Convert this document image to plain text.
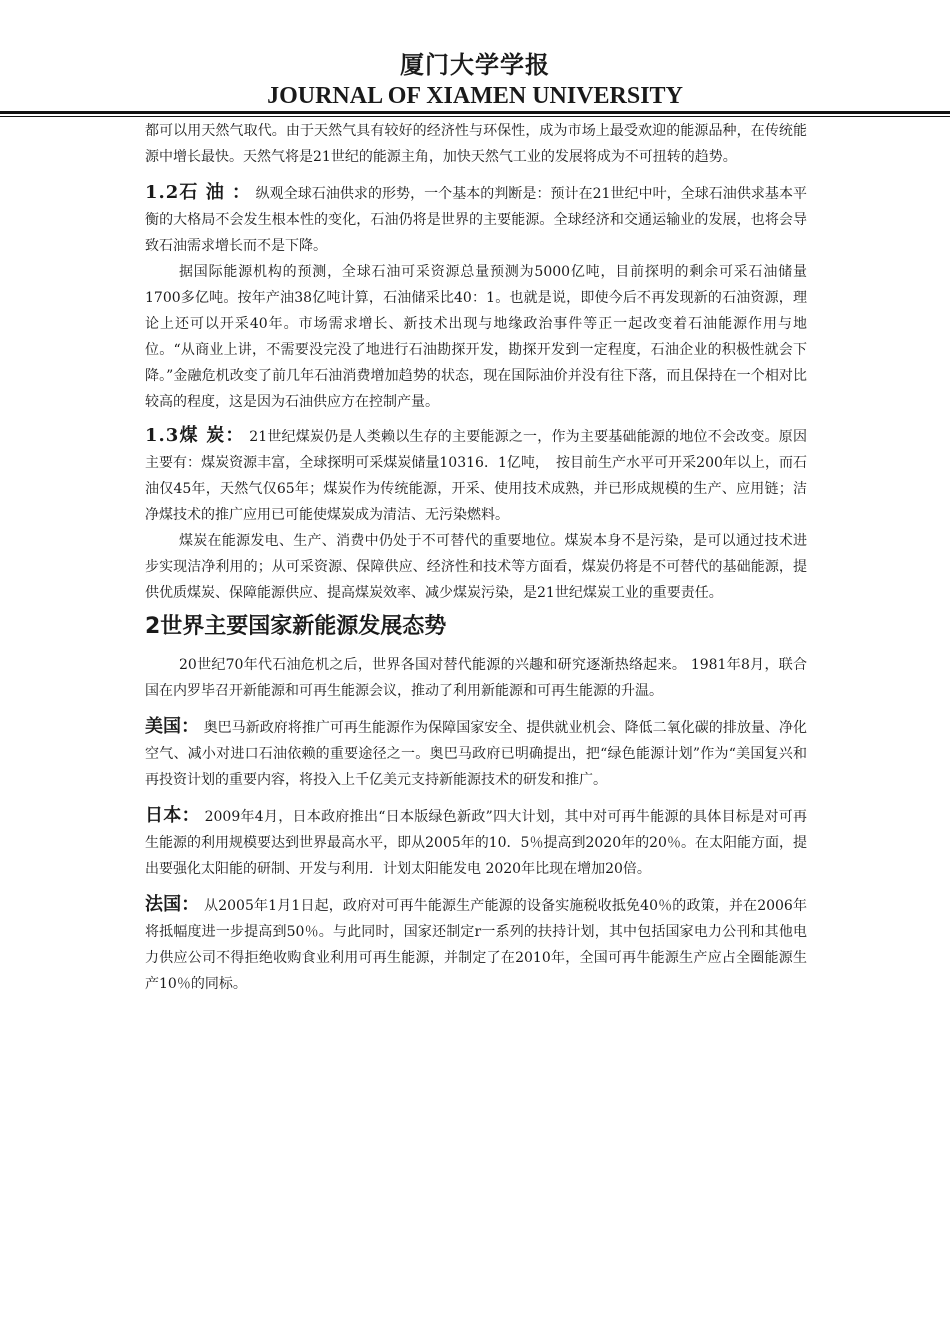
厦门大学学报
JOURNAL OF XIAMEN UNIVERSITY

都可以用天然气取代。由于天然气具有较好的经济性与环保性，成为市场上最受欢迎的能源品种，在传统能源中增长最快。天然气将是21世纪的能源主角，加快天然气工业的发展将成为不可扭转的趋势。

1.2石 油 ： 纵观全球石油供求的形势，一个基本的判断是：预计在21世纪中叶，全球石油供求基本平衡的大格局不会发生根本性的变化，石油仍将是世界的主要能源。全球经济和交通运输业的发展，也将会导致石油需求增长而不是下降。

据国际能源机构的预测，全球石油可采资源总量预测为5000亿吨，目前探明的剩余可采石油储量1700多亿吨。按年产油38亿吨计算，石油储采比40：1。也就是说，即使今后不再发现新的石油资源，理论上还可以开采40年。市场需求增长、新技术出现与地缘政治事件等正一起改变着石油能源作用与地位。“从商业上讲，不需要没完没了地进行石油勘探开发，勘探开发到一定程度，石油企业的积极性就会下降。”金融危机改变了前几年石油消费增加趋势的状态，现在国际油价并没有往下落，而且保持在一个相对比较高的程度，这是因为石油供应方在控制产量。

1.3煤 炭： 21世纪煤炭仍是人类赖以生存的主要能源之一，作为主要基础能源的地位不会改变。原因主要有：煤炭资源丰富，全球探明可采煤炭储量10316．1亿吨，　按目前生产水平可开采200年以上，而石油仅45年，天然气仅65年；煤炭作为传统能源，开采、使用技术成熟，并已形成规模的生产、应用链；洁净煤技术的推广应用已可能使煤炭成为清洁、无污染燃料。

煤炭在能源发电、生产、消费中仍处于不可替代的重要地位。煤炭本身不是污染，是可以通过技术进步实现洁净利用的；从可采资源、保障供应、经济性和技术等方面看，煤炭仍将是不可替代的基础能源，提供优质煤炭、保障能源供应、提高煤炭效率、减少煤炭污染，是21世纪煤炭工业的重要责任。

2世界主要国家新能源发展态势

20世纪70年代石油危机之后，世界各国对替代能源的兴趣和研究逐渐热络起来。 1981年8月，联合国在内罗毕召开新能源和可再生能源会议，推动了利用新能源和可再生能源的升温。

美国： 奥巴马新政府将推广可再生能源作为保障国家安全、提供就业机会、降低二氧化碳的排放量、净化空气、减小对进口石油依赖的重要途径之一。奥巴马政府已明确提出，把“绿色能源计划”作为“美国复兴和再投资计划的重要内容，将投入上千亿美元支持新能源技术的研发和推广。

日本： 2009年4月，日本政府推出“日本版绿色新政”四大计划，其中对可再牛能源的具体目标是对可再生能源的利用规模要达到世界最高水平，即从2005年的10．5％提高到2020年的20％。在太阳能方面，提出要强化太阳能的研制、开发与利用．计划太阳能发电 2020年比现在增加20倍。

法国： 从2005年1月1日起，政府对可再牛能源生产能源的设备实施税收抵免40％的政策，并在2006年将抵幅度进一步提高到50％。与此同时，国家还制定r一系列的扶持计划，其中包括国家电力公刊和其他电力供应公司不得拒绝收购食业利用可再生能源，并制定了在2010年，全国可再牛能源生产应占全圈能源生产10％的同标。
